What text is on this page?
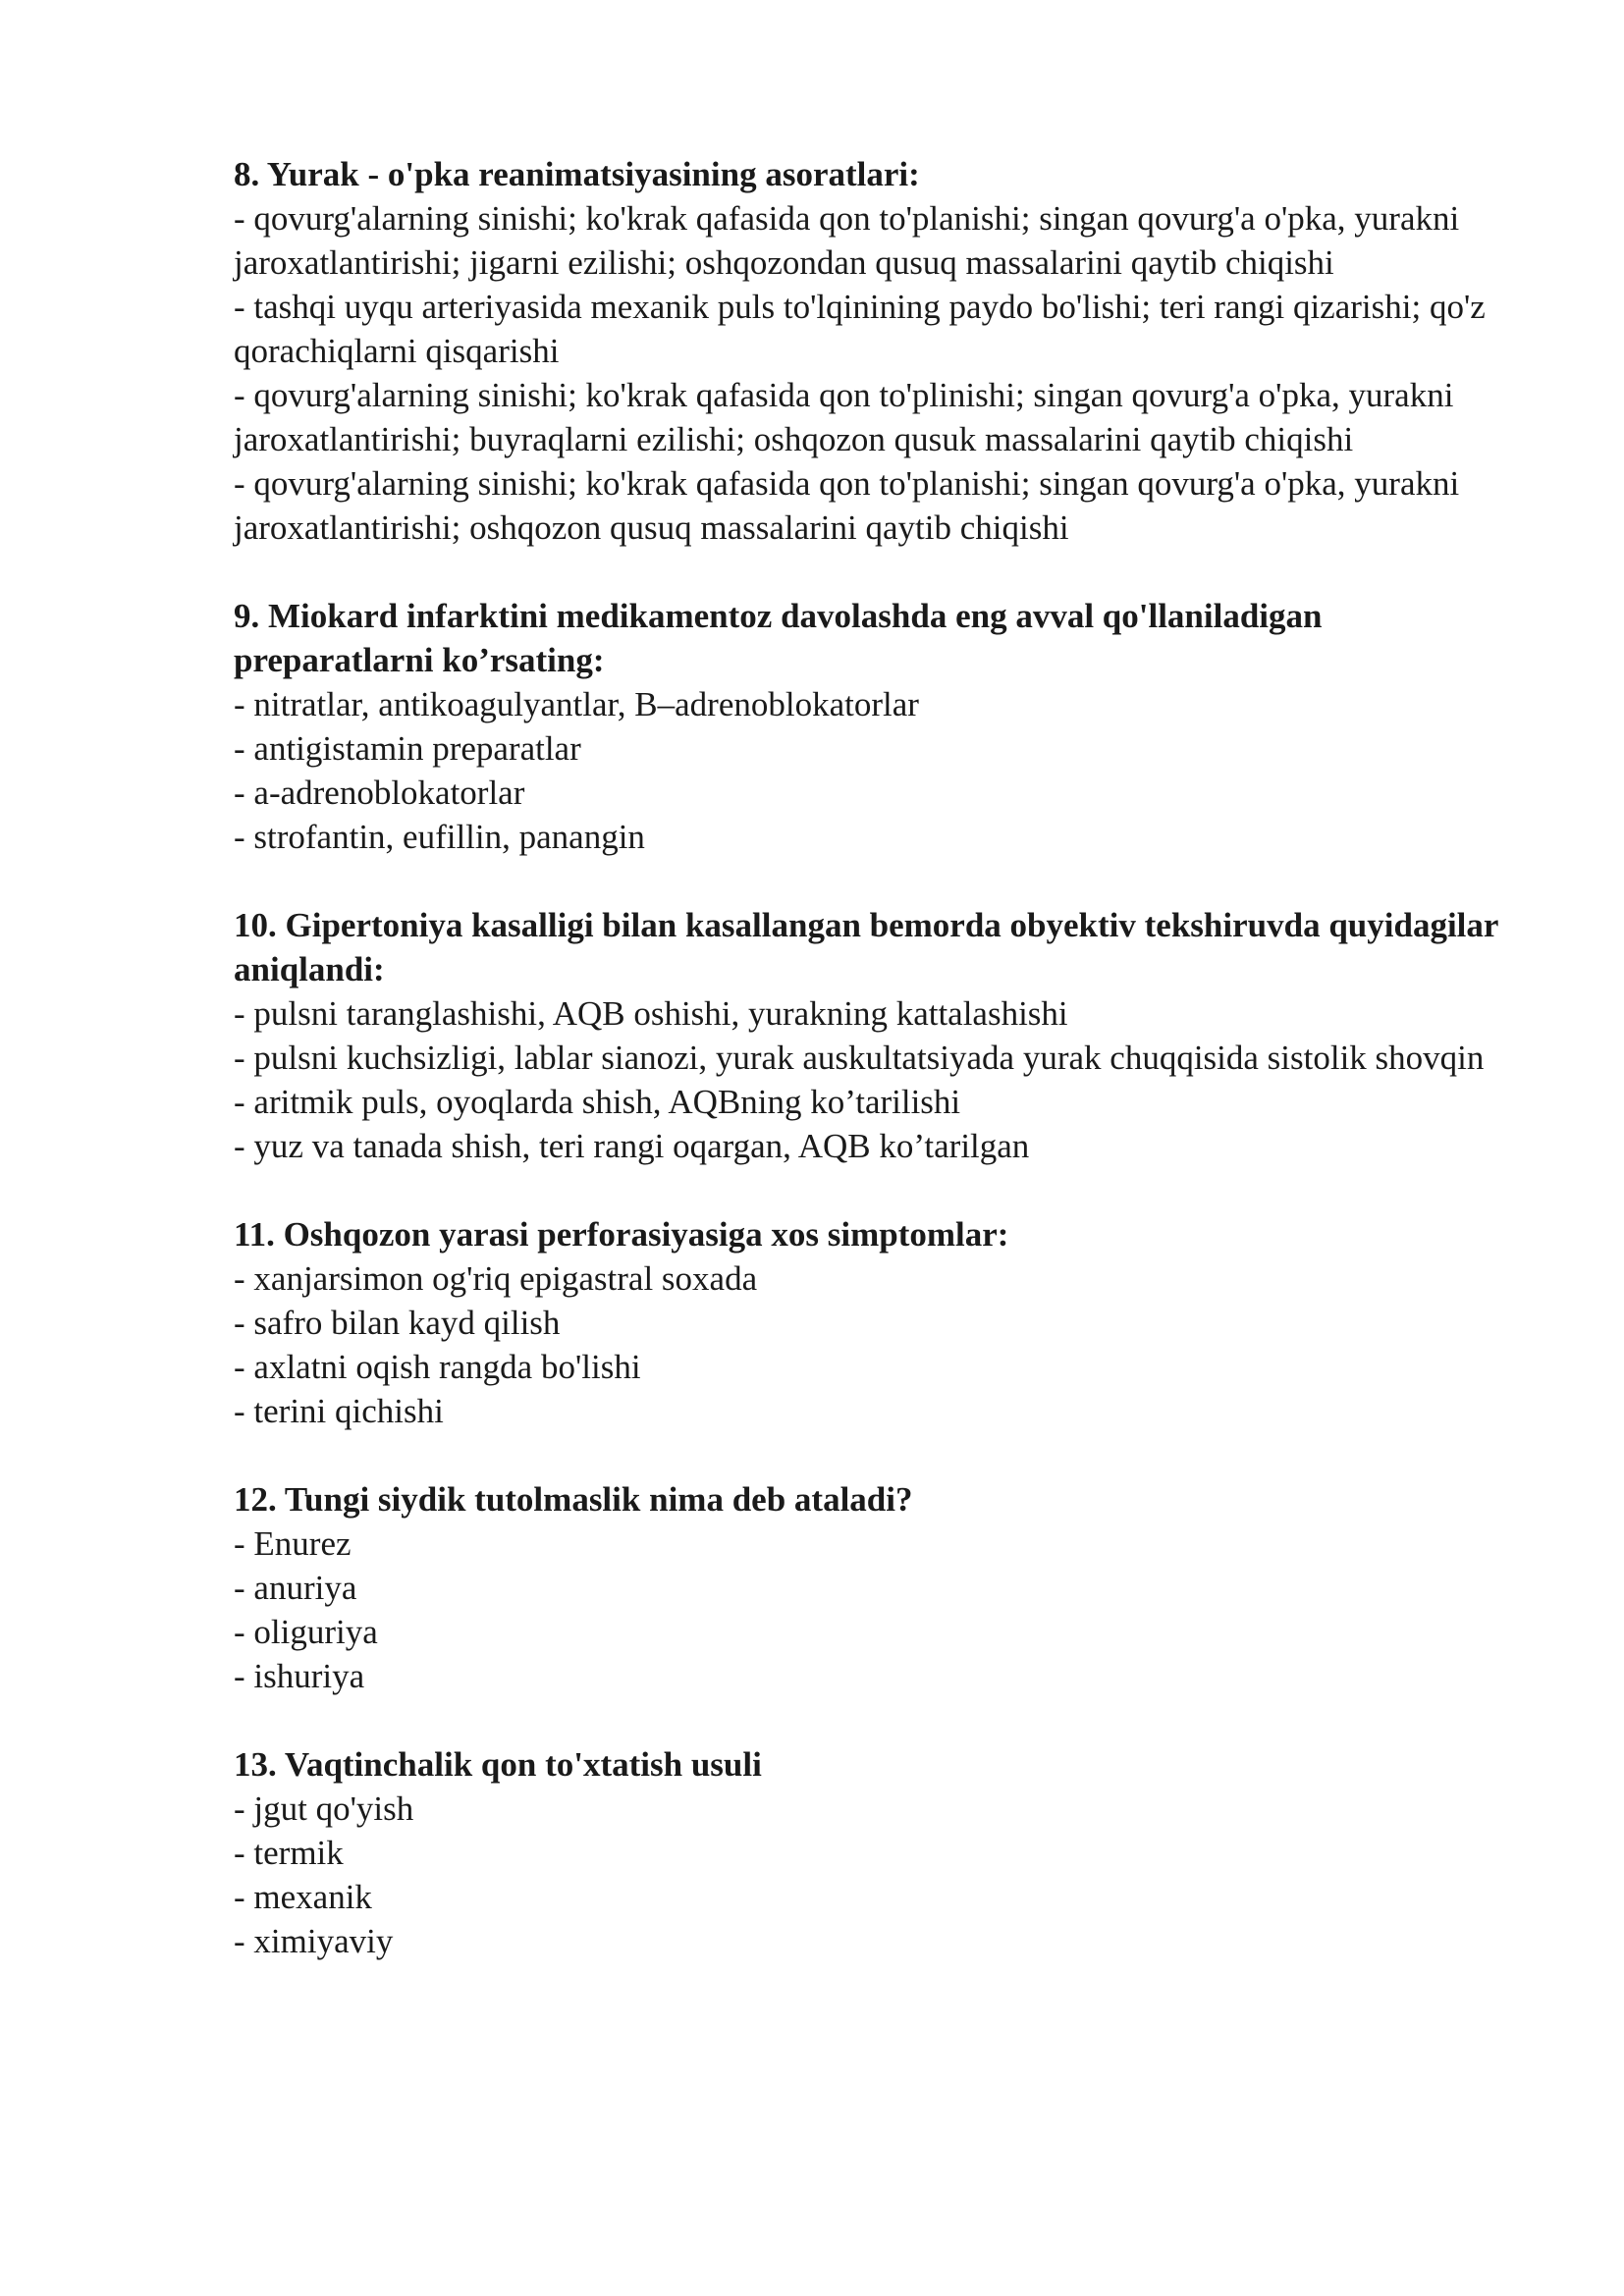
8. Yurak - o'pka reanimatsiyasining asoratlari:

- qovurg'alarning sinishi; ko'krak qafasida qon to'planishi; singan qovurg'a o'pka, yurakni jaroxatlantirishi; jigarni ezilishi; oshqozondan qusuq massalarini qaytib chiqishi

- tashqi uyqu arteriyasida mexanik puls to'lqinining paydo bo'lishi; teri rangi qizarishi; qo'z qorachiqlarni qisqarishi

- qovurg'alarning sinishi; ko'krak qafasida qon to'plinishi; singan qovurg'a o'pka, yurakni jaroxatlantirishi; buyraqlarni ezilishi; oshqozon qusuk massalarini qaytib chiqishi

- qovurg'alarning sinishi; ko'krak qafasida qon to'planishi; singan qovurg'a o'pka, yurakni jaroxatlantirishi; oshqozon qusuq massalarini qaytib chiqishi

9. Miokard infarktini medikamentoz davolashda eng avval qo'llaniladigan preparatlarni ko’rsating:

- nitratlar, antikoagulyantlar, B–adrenoblokatorlar

- antigistamin preparatlar

- a-adrenoblokatorlar

- strofantin, eufillin, panangin

10. Gipertoniya kasalligi bilan kasallangan bemorda obyektiv tekshiruvda quyidagilar aniqlandi:

- pulsni taranglashishi, AQB oshishi, yurakning kattalashishi

- pulsni kuchsizligi, lablar sianozi, yurak auskultatsiyada yurak chuqqisida sistolik shovqin

- aritmik puls, oyoqlarda shish, AQBning ko’tarilishi

- yuz va tanada shish, teri rangi oqargan, AQB ko’tarilgan

11. Oshqozon yarasi perforasiyasiga xos simptomlar:

- xanjarsimon og'riq epigastral soxada

- safro bilan kayd qilish

- axlatni oqish rangda bo'lishi

- terini qichishi

12. Tungi siydik tutolmaslik nima deb ataladi?

- Enurez

- anuriya

- oliguriya

- ishuriya

13. Vaqtinchalik qon to'xtatish usuli

- jgut qo'yish

- termik

- mexanik

- ximiyaviy
